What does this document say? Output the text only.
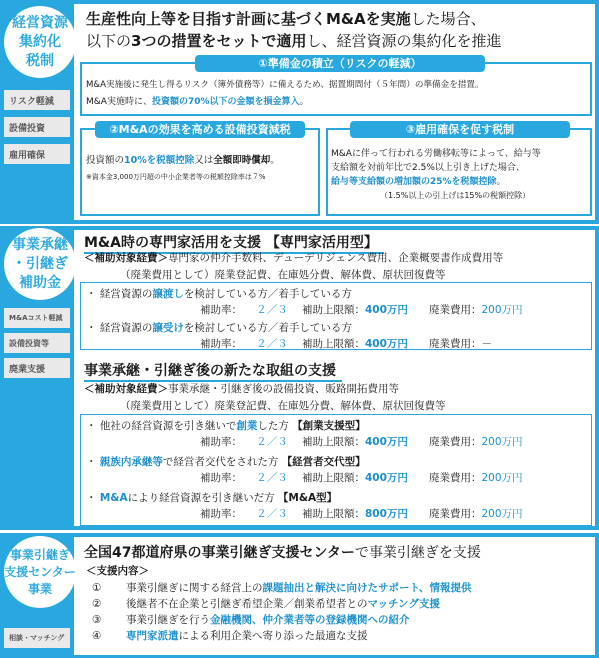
経営資源
集約化
税制
生産性向上等を目指す計画に基づくM&Aを実施した場合、
以下の3つの措置をセットで適用し、経営資源の集約化を推進
リスク軽減
設備投資
雇用確保
①準備金の積立（リスクの軽減）
M&A実施後に発生し得るリスク（簿外債務等）に備えるため、据置期間付（５年間）の準備金を措置。
M&A実施時に、投資額の70%以下の金額を損金算入。
②M&Aの効果を高める設備投資減税
投資額の10%を税額控除又は全額即時償却。
※資本金3,000万円超の中小企業者等の税額控除率は７%
③雇用確保を促す税制
M&Aに伴って行われる労働移転等によって、給与等
支給額を対前年比で2.5%以上引き上げた場合、
給与等支給額の増加額の25%を税額控除。
（1.5%以上の引上げは15%の税額控除）
事業承継
・引継ぎ
補助金
M&Aコスト軽減
設備投資等
廃業支援
M&A時の専門家活用を支援 【専門家活用型】
＜補助対象経費＞専門家の仲介手数料、デューデリジェンス費用、企業概要書作成費用等
（廃業費用として）廃業登記費、在庫処分費、解体費、原状回復費等
・ 経営資源の譲渡しを検討している方／着手している方
補助率： ２／３ 補助上限額：400万円 廃業費用：200万円
・ 経営資源の譲受けを検討している方／着手している方
補助率： ２／３ 補助上限額：400万円 廃業費用：－
事業承継・引継ぎ後の新たな取組の支援
＜補助対象経費＞事業承継・引継ぎ後の設備投資、販路開拓費用等
（廃業費用として）廃業登記費、在庫処分費、解体費、原状回復費等
・ 他社の経営資源を引き継いで創業した方 【創業支援型】
補助率： ２／３ 補助上限額：400万円 廃業費用：200万円
・ 親族内承継等で経営者交代をされた方 【経営者交代型】
補助率： ２／３ 補助上限額：400万円 廃業費用：200万円
・ M&Aにより経営資源を引き継いだ方 【M&A型】
補助率： ２／３ 補助上限額：800万円 廃業費用：200万円
事業引継ぎ
支援センター
事業
相談・マッチング
全国47都道府県の事業引継ぎ支援センターで事業引継ぎを支援
＜支援内容＞
① 事業引継ぎに関する経営上の課題抽出と解決に向けたサポート、情報提供
② 後継者不在企業と引継ぎ希望企業／創業希望者とのマッチング支援
③ 事業引継ぎを行う金融機関、仲介業者等の登録機関への紹介
④ 専門家派遣による利用企業へ寄り添った最適な支援
